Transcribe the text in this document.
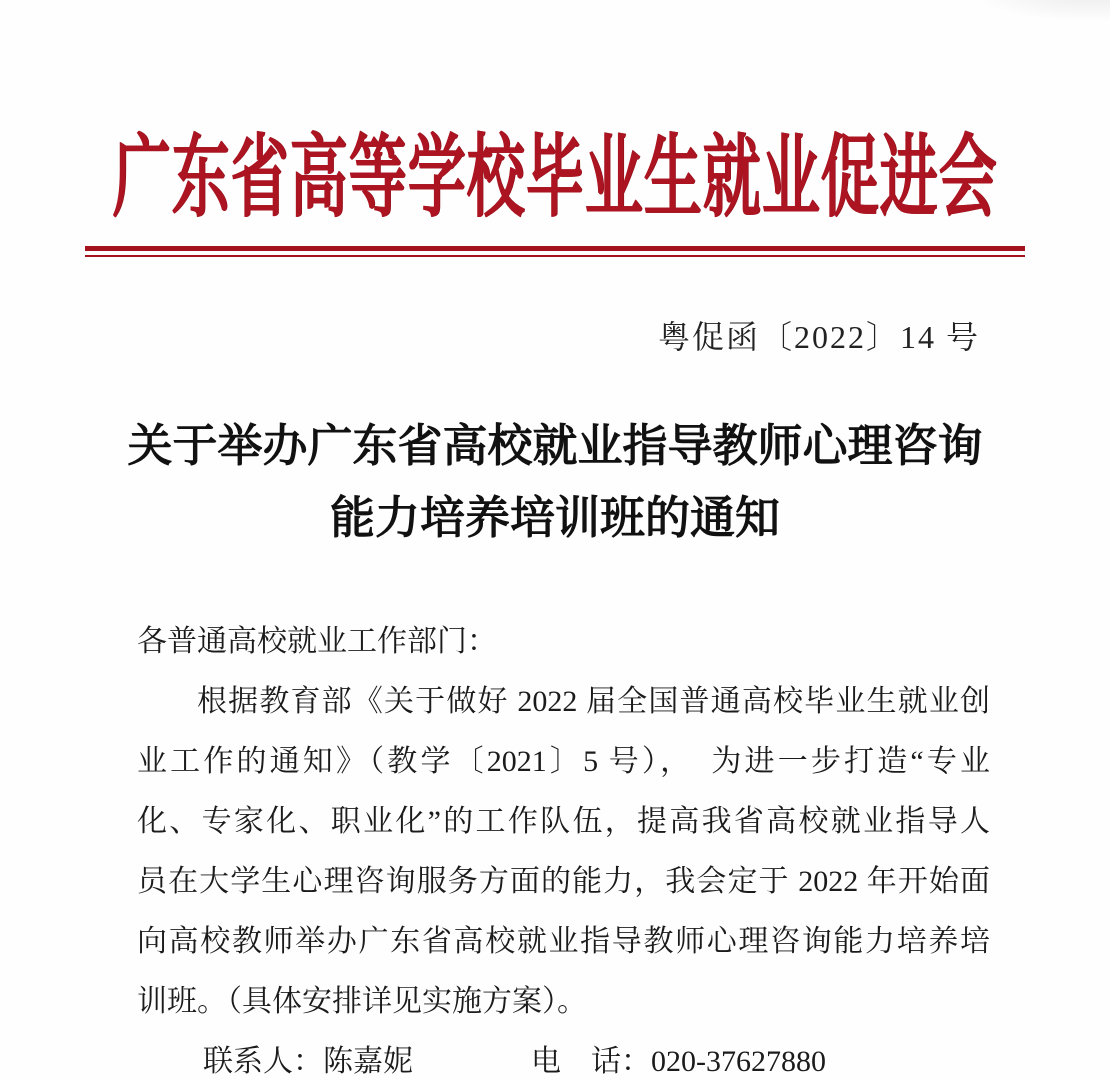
广东省高等学校毕业生就业促进会
粤促函〔2022〕14 号
关于举办广东省高校就业指导教师心理咨询
能力培养培训班的通知
各普通高校就业工作部门：
根据教育部《关于做好 2022 届全国普通高校毕业生就业创
业工作的通知》（教学〔2021〕5 号），　为进一步打造“专业
化、专家化、职业化”的工作队伍，提高我省高校就业指导人
员在大学生心理咨询服务方面的能力，我会定于 2022 年开始面
向高校教师举办广东省高校就业指导教师心理咨询能力培养培
训班。（具体安排详见实施方案）。
联系人：陈嘉妮	电　话：020-37627880
